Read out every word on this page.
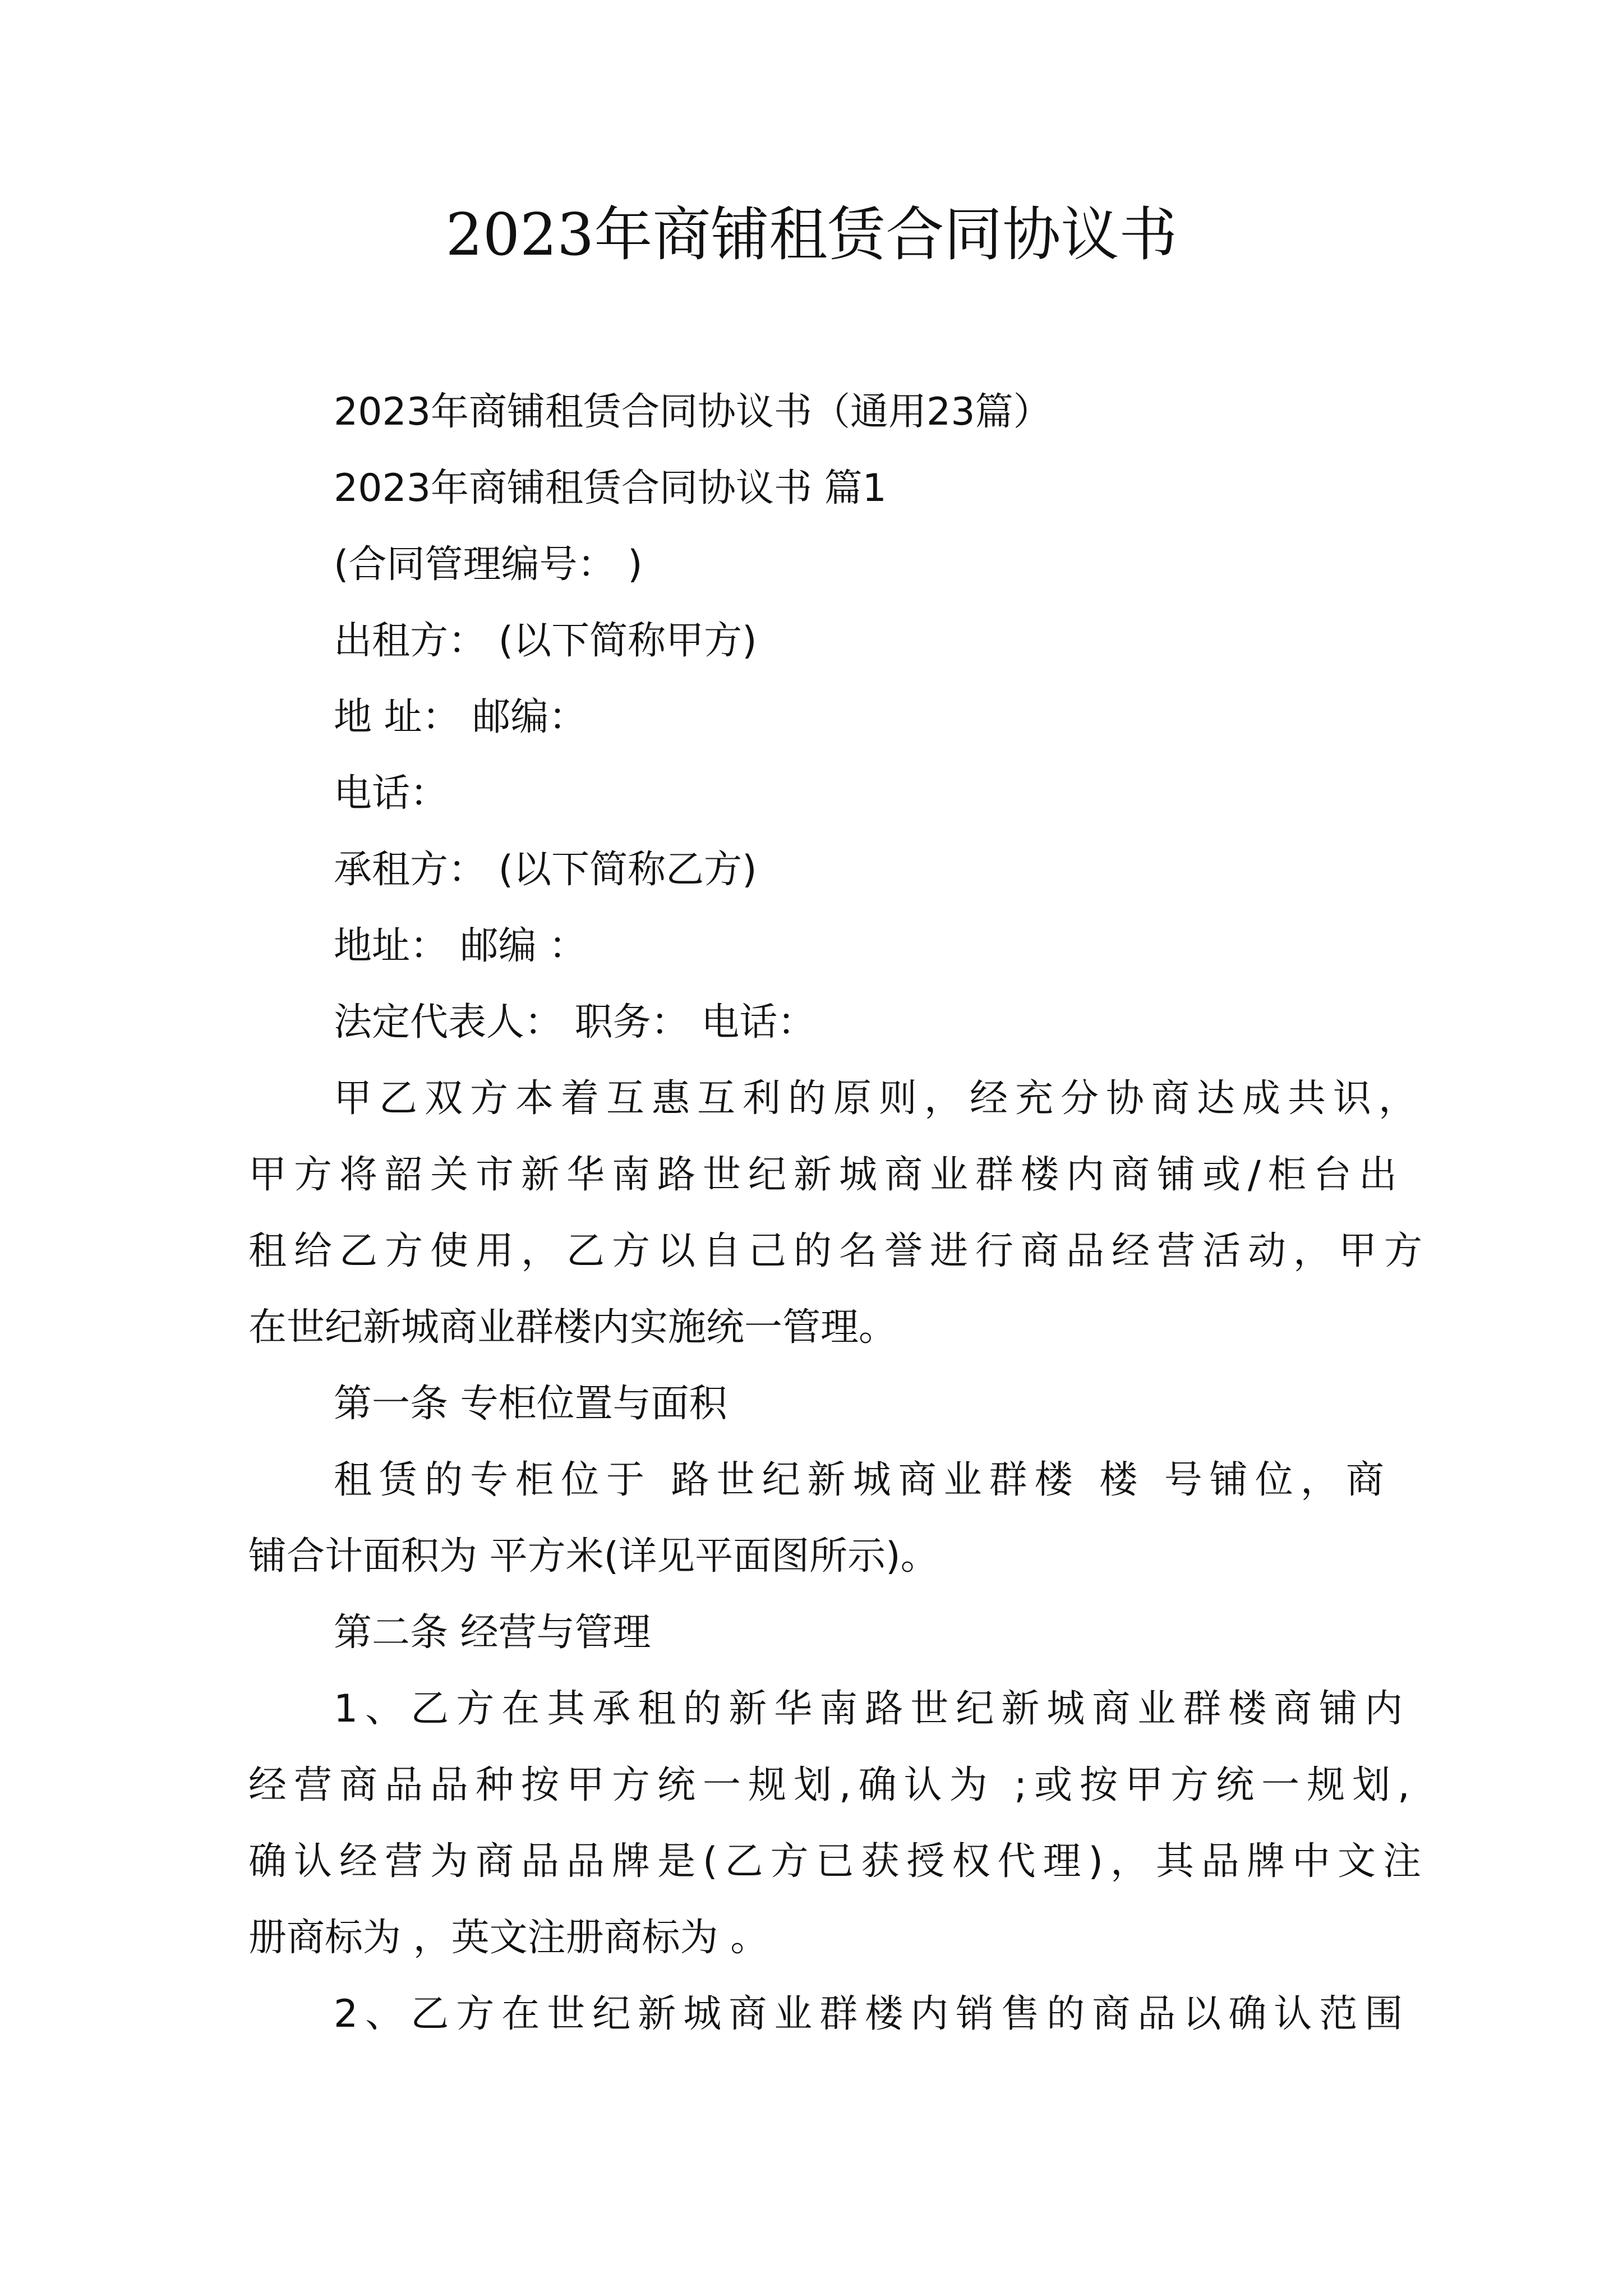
2023年商铺租赁合同协议书
2023年商铺租赁合同协议书（通用23篇）
2023年商铺租赁合同协议书 篇1
(合同管理编号： )
出租方： (以下简称甲方)
地 址： 邮编：
电话：
承租方： (以下简称乙方)
地址： 邮编 ：
法定代表人： 职务： 电话：
甲乙双方本着互惠互利的原则，经充分协商达成共识，
甲方将韶关市新华南路世纪新城商业群楼内商铺或/柜台出
租给乙方使用，乙方以自己的名誉进行商品经营活动，甲方
在世纪新城商业群楼内实施统一管理。
第一条 专柜位置与面积
租赁的专柜位于 路世纪新城商业群楼 楼 号铺位，商
铺合计面积为 平方米(详见平面图所示)。
第二条 经营与管理
1、乙方在其承租的新华南路世纪新城商业群楼商铺内
经营商品品种按甲方统一规划,确认为 ;或按甲方统一规划,
确认经营为商品品牌是(乙方已获授权代理)，其品牌中文注
册商标为 ，英文注册商标为 。
2、乙方在世纪新城商业群楼内销售的商品以确认范围
